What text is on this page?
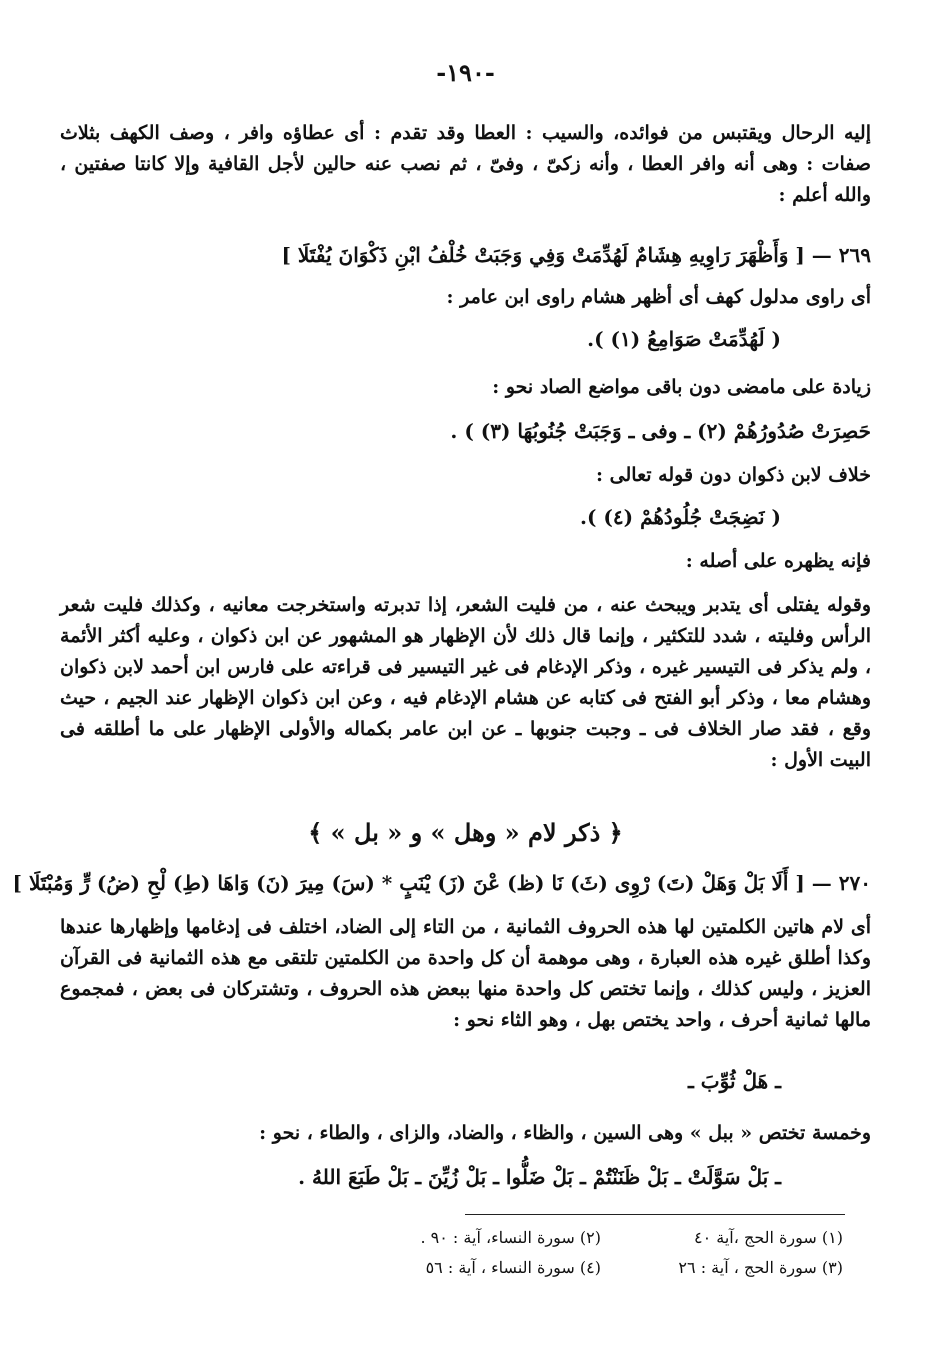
-١٩٠-
إليه الرحال ويقتبس من فوائده، والسيب : العطا وقد تقدم : أى عطاؤه وافر ، وصف الكهف بثلاث صفات : وهى أنه وافر العطا ، وأنه زكىّ ، وفىّ ، ثم نصب عنه حالين لأجل القافية وإلا كانتا صفتين ، والله أعلم :
٢٦٩ — [ وَأَظْهَرَ رَاوِيهِ هِشَامٌ لَهُدِّمَتْ وَفِي وَجَبَتْ خُلْفُ ابْنِ ذَكْوَانَ يُفْتَلَا ]
أى راوى مدلول كهف أى أظهر هشام راوى ابن عامر :
( لَهُدِّمَتْ صَوَامِعُ (١) ).
زيادة على مامضى دون باقى مواضع الصاد نحو :
حَصِرَتْ صُدُورُهُمْ (٢) ـ وفى ـ وَجَبَتْ جُنُوبُهَا (٣) ) .
خلاف لابن ذكوان دون قوله تعالى :
( نَضِجَتْ جُلُودُهُمْ (٤) ).
فإنه يظهره على أصله :
وقوله يفتلى أى يتدبر ويبحث عنه ، من فليت الشعر، إذا تدبرته واستخرجت معانيه ، وكذلك فليت شعر الرأس وفليته ، شدد للتكثير ، وإنما قال ذلك لأن الإظهار هو المشهور عن ابن ذكوان ، وعليه أكثر الأئمة ، ولم يذكر فى التيسير غيره ، وذكر الإدغام فى غير التيسير فى قراءته على فارس ابن أحمد لابن ذكوان وهشام معا ، وذكر أبو الفتح فى كتابه عن هشام الإدغام فيه ، وعن ابن ذكوان الإظهار عند الجيم ، حيث وقع ، فقد صار الخلاف فى ـ وجبت جنوبها ـ عن ابن عامر بكماله والأولى الإظهار على ما أطلقه فى البيت الأول :
﴿ ذكر لام « وهل » و « بل » ﴾
٢٧٠ — [ أَلَا بَلْ وَهَلْ (تَ) رْوِى (ثَ) نَا (ظ) عْنَ (زَ) يْنَبٍ * (سَ) مِيرَ (نَ) وَاهَا (طِ) لْحِ (ضُ) رٍّ وَمُبْتَلَا ]
أى لام هاتين الكلمتين لها هذه الحروف الثمانية ، من التاء إلى الضاد، اختلف فى إدغامها وإظهارها عندها وكذا أطلق غيره هذه العبارة ، وهى موهمة أن كل واحدة من الكلمتين تلتقى مع هذه الثمانية فى القرآن العزيز ، وليس كذلك ، وإنما تختص كل واحدة منها ببعض هذه الحروف ، وتشتركان فى بعض ، فمجموع مالها ثمانية أحرف ، واحد يختص بهل ، وهو الثاء نحو :
ـ هَلْ ثُوِّبَ ـ
وخمسة تختص « ببل » وهى السين ، والظاء ، والضاد، والزاى ، والطاء ، نحو :
ـ بَلْ سَوَّلَتْ ـ بَلْ ظَنَنْتُمْ ـ بَلْ ضَلُّوا ـ بَلْ زُيِّنَ ـ بَلْ طَبَعَ اللهُ .
(١) سورة الحج ،آية ٤٠
(٢) سورة النساء، آية : ٩٠ .
(٣) سورة الحج ، آية : ٢٦
(٤) سورة النساء ، آية : ٥٦
